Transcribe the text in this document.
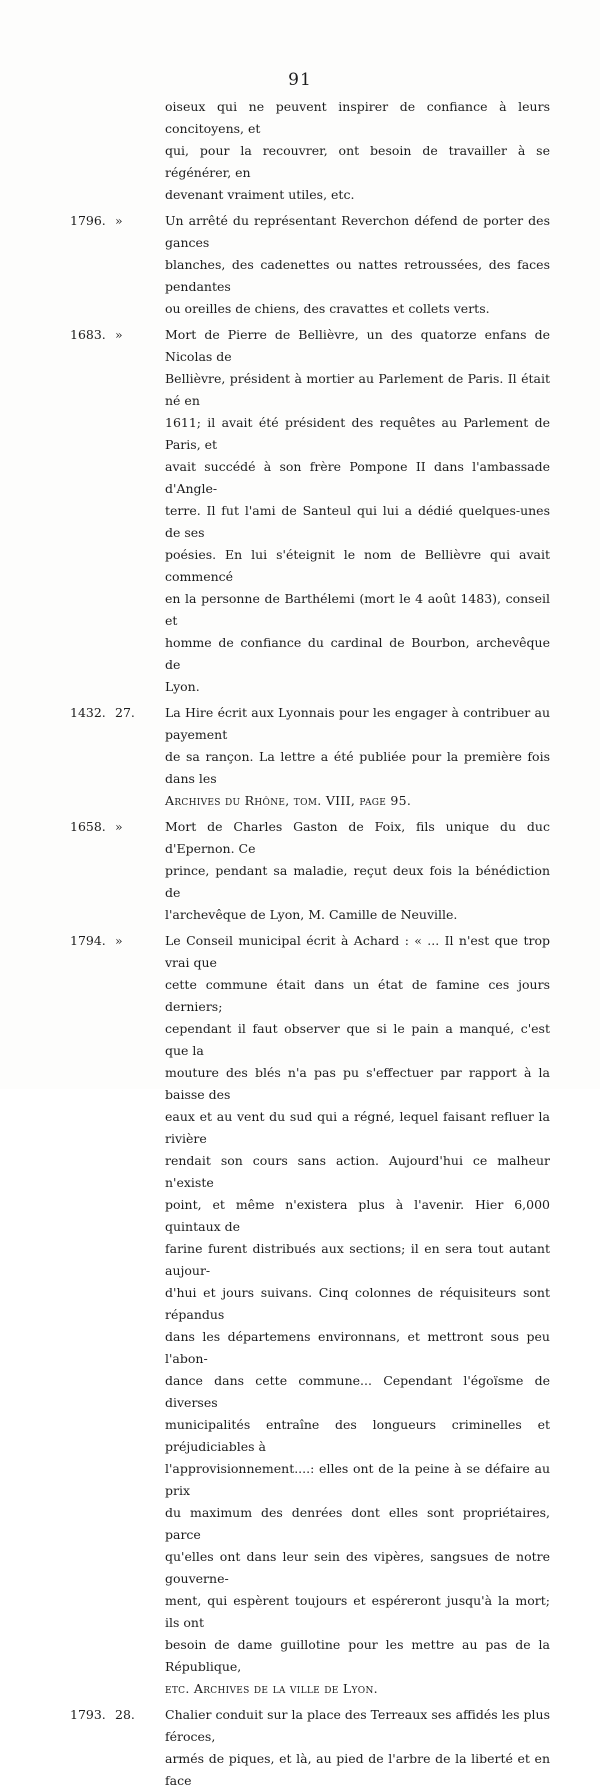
91
oiseux qui ne peuvent inspirer de confiance à leurs concitoyens, et
qui, pour la recouvrer, ont besoin de travailler à se régénérer, en
devenant vraiment utiles, etc.
1796. »	Un arrêté du représentant Reverchon défend de porter des gances
blanches, des cadenettes ou nattes retroussées, des faces pendantes
ou oreilles de chiens, des cravattes et collets verts.
1683. »	Mort de Pierre de Bellièvre, un des quatorze enfans de Nicolas de
Bellièvre, président à mortier au Parlement de Paris. Il était né en
1611; il avait été président des requêtes au Parlement de Paris, et
avait succédé à son frère Pompone II dans l'ambassade d'Angle-
terre. Il fut l'ami de Santeul qui lui a dédié quelques-unes de ses
poésies. En lui s'éteignit le nom de Bellièvre qui avait commencé
en la personne de Barthélemi (mort le 4 août 1483), conseil et
homme de confiance du cardinal de Bourbon, archevêque de
Lyon.
1432. 27.	La Hire écrit aux Lyonnais pour les engager à contribuer au payement
de sa rançon. La lettre a été publiée pour la première fois dans les
Archives du Rhône, tom. VIII, page 95.
1658. »	Mort de Charles Gaston de Foix, fils unique du duc d'Epernon. Ce
prince, pendant sa maladie, reçut deux fois la bénédiction de
l'archevêque de Lyon, M. Camille de Neuville.
1794. »	Le Conseil municipal écrit à Achard : « ... Il n'est que trop vrai que
cette commune était dans un état de famine ces jours derniers;
cependant il faut observer que si le pain a manqué, c'est que la
mouture des blés n'a pas pu s'effectuer par rapport à la baisse des
eaux et au vent du sud qui a régné, lequel faisant refluer la rivière
rendait son cours sans action. Aujourd'hui ce malheur n'existe
point, et même n'existera plus à l'avenir. Hier 6,000 quintaux de
farine furent distribués aux sections; il en sera tout autant aujour-
d'hui et jours suivans. Cinq colonnes de réquisiteurs sont répandus
dans les départemens environnans, et mettront sous peu l'abon-
dance dans cette commune... Cependant l'égoïsme de diverses
municipalités entraîne des longueurs criminelles et préjudiciables à
l'approvisionnement....: elles ont de la peine à se défaire au prix
du maximum des denrées dont elles sont propriétaires, parce
qu'elles ont dans leur sein des vipères, sangsues de notre gouverne-
ment, qui espèrent toujours et espéreront jusqu'à la mort; ils ont
besoin de dame guillotine pour les mettre au pas de la République,
etc. Archives de la ville de Lyon.
1793. 28.	Chalier conduit sur la place des Terreaux ses affidés les plus féroces,
armés de piques, et là, au pied de l'arbre de la liberté et en face
